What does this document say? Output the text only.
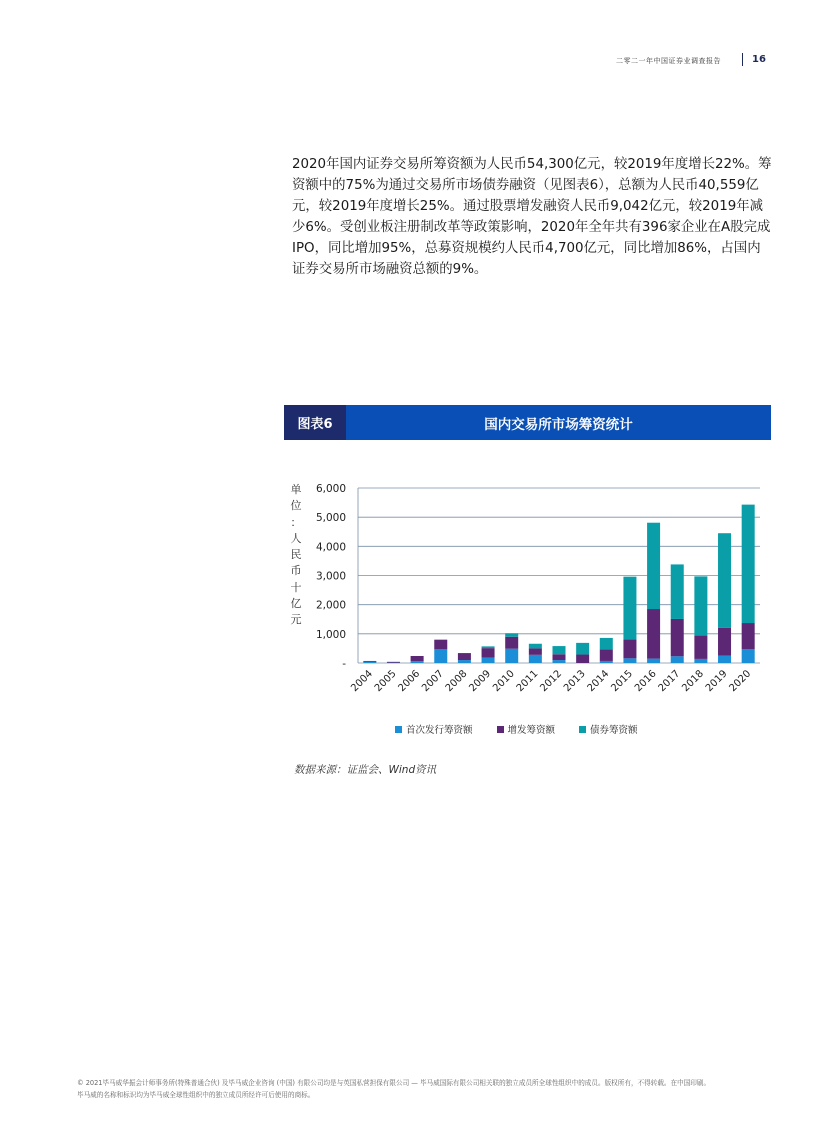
二零二一年中国证券业调查报告	16
2020年国内证券交易所筹资额为人民币54,300亿元，较2019年度增长22%。筹资额中的75%为通过交易所市场债券融资（见图表6），总额为人民币40,559亿元，较2019年度增长25%。通过股票增发融资人民币9,042亿元，较2019年减少6%。受创业板注册制改革等政策影响，2020年全年共有396家企业在A股完成IPO，同比增加95%，总募资规模约人民币4,700亿元，同比增加86%，占国内证券交易所市场融资总额的9%。
图表6	国内交易所市场筹资统计
单
位
：
人
民
币
十
亿
元
6,000
5,000
4,000
3,000
2,000
1,000
-
2004
2005
2006
2007
2008
2009
2010
2011
2012
2013
2014
2015
2016
2017
2018
2019
2020
首次发行筹资额	增发筹资额	债券筹资额
数据来源：证监会、Wind资讯
© 2021毕马威华振会计师事务所(特殊普通合伙) 及毕马威企业咨询 (中国) 有限公司均是与英国私营担保有限公司 — 毕马威国际有限公司相关联的独立成员所全球性组织中的成员。版权所有，不得转载。在中国印刷。
毕马威的名称和标识均为毕马威全球性组织中的独立成员所经许可后使用的商标。
